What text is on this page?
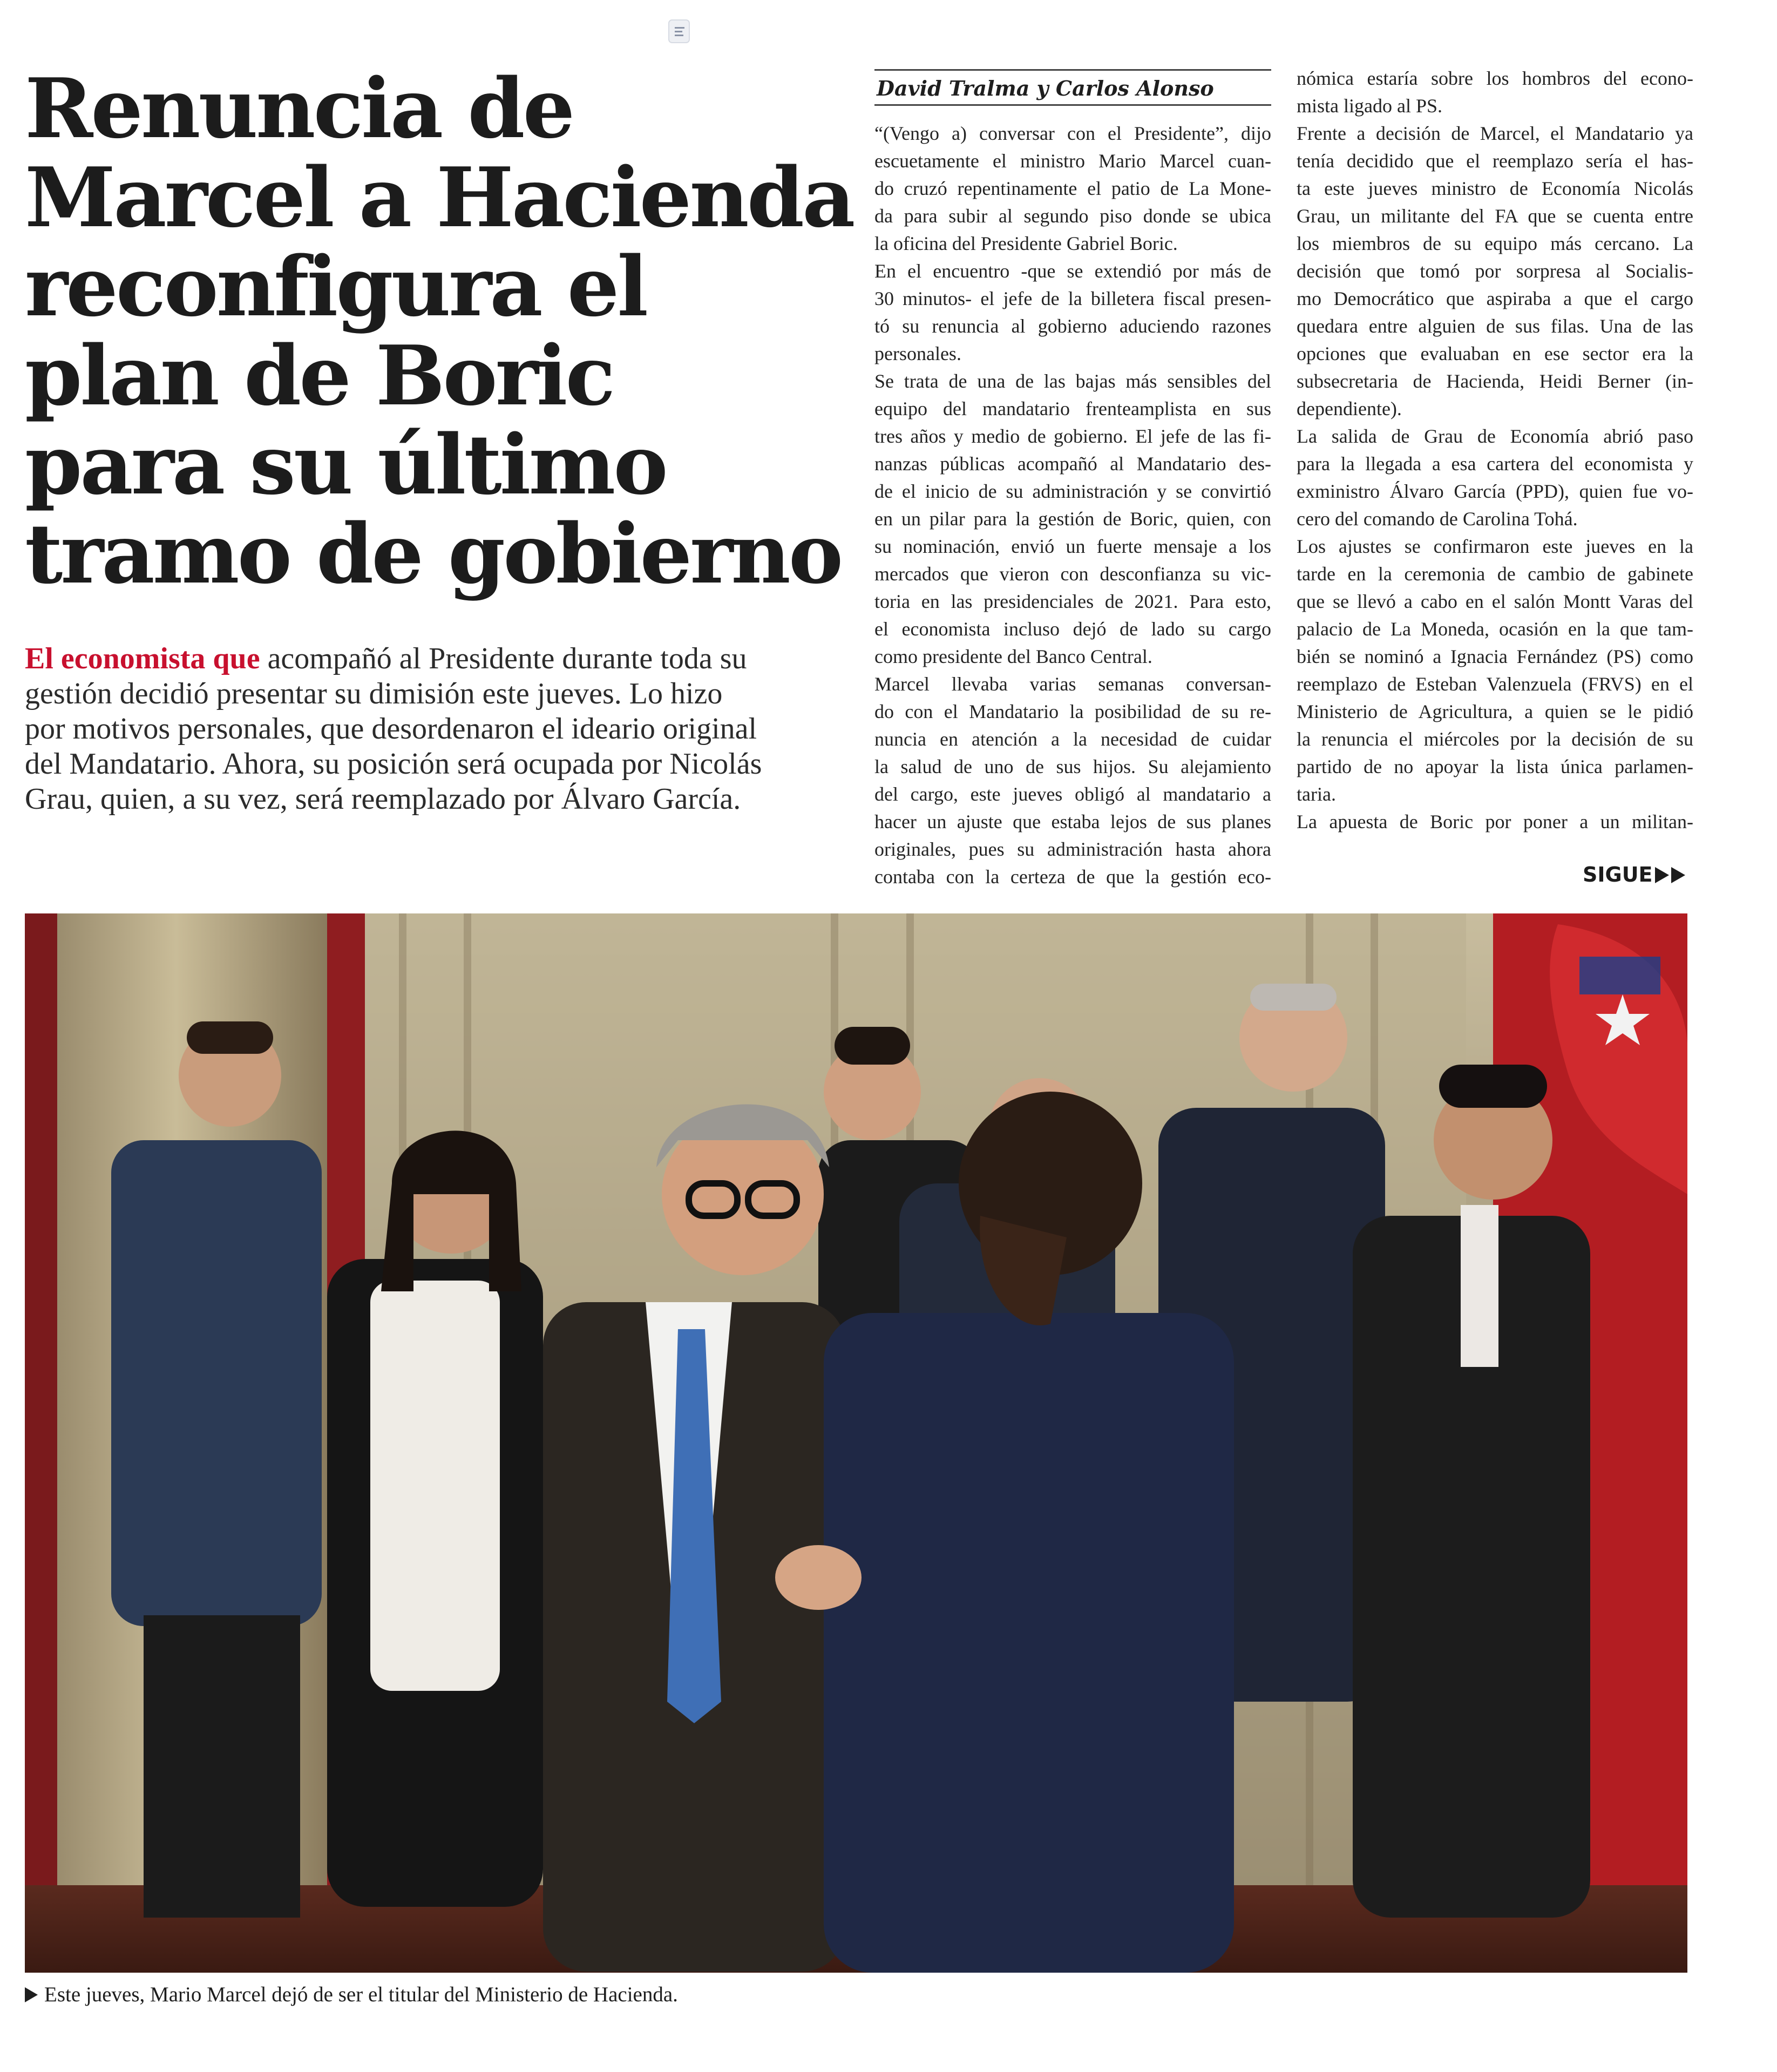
Renuncia de
Marcel a Hacienda
reconfigura el
plan de Boric
para su último
tramo de gobierno

El economista que acompañó al Presidente durante toda su
gestión decidió presentar su dimisión este jueves. Lo hizo
por motivos personales, que desordenaron el ideario original
del Mandatario. Ahora, su posición será ocupada por Nicolás
Grau, quien, a su vez, será reemplazado por Álvaro García.

David Tralma y Carlos Alonso
“(Vengo a) conversar con el Presidente”, dijo
escuetamente el ministro Mario Marcel cuan-
do cruzó repentinamente el patio de La Mone-
da para subir al segundo piso donde se ubica
la oficina del Presidente Gabriel Boric.
En el encuentro -que se extendió por más de
30 minutos- el jefe de la billetera fiscal presen-
tó su renuncia al gobierno aduciendo razones
personales.
Se trata de una de las bajas más sensibles del
equipo del mandatario frenteamplista en sus
tres años y medio de gobierno. El jefe de las fi-
nanzas públicas acompañó al Mandatario des-
de el inicio de su administración y se convirtió
en un pilar para la gestión de Boric, quien, con
su nominación, envió un fuerte mensaje a los
mercados que vieron con desconfianza su vic-
toria en las presidenciales de 2021. Para esto,
el economista incluso dejó de lado su cargo
como presidente del Banco Central.
Marcel llevaba varias semanas conversan-
do con el Mandatario la posibilidad de su re-
nuncia en atención a la necesidad de cuidar
la salud de uno de sus hijos. Su alejamiento
del cargo, este jueves obligó al mandatario a
hacer un ajuste que estaba lejos de sus planes
originales, pues su administración hasta ahora
contaba con la certeza de que la gestión eco-
nómica estaría sobre los hombros del econo-
mista ligado al PS.
Frente a decisión de Marcel, el Mandatario ya
tenía decidido que el reemplazo sería el has-
ta este jueves ministro de Economía Nicolás
Grau, un militante del FA que se cuenta entre
los miembros de su equipo más cercano. La
decisión que tomó por sorpresa al Socialis-
mo Democrático que aspiraba a que el cargo
quedara entre alguien de sus filas. Una de las
opciones que evaluaban en ese sector era la
subsecretaria de Hacienda, Heidi Berner (in-
dependiente).
La salida de Grau de Economía abrió paso
para la llegada a esa cartera del economista y
exministro Álvaro García (PPD), quien fue vo-
cero del comando de Carolina Tohá.
Los ajustes se confirmaron este jueves en la
tarde en la ceremonia de cambio de gabinete
que se llevó a cabo en el salón Montt Varas del
palacio de La Moneda, ocasión en la que tam-
bién se nominó a Ignacia Fernández (PS) como
reemplazo de Esteban Valenzuela (FRVS) en el
Ministerio de Agricultura, a quien se le pidió
la renuncia el miércoles por la decisión de su
partido de no apoyar la lista única parlamen-
taria.
La apuesta de Boric por poner a un militan-
SIGUE
Este jueves, Mario Marcel dejó de ser el titular del Ministerio de Hacienda.
